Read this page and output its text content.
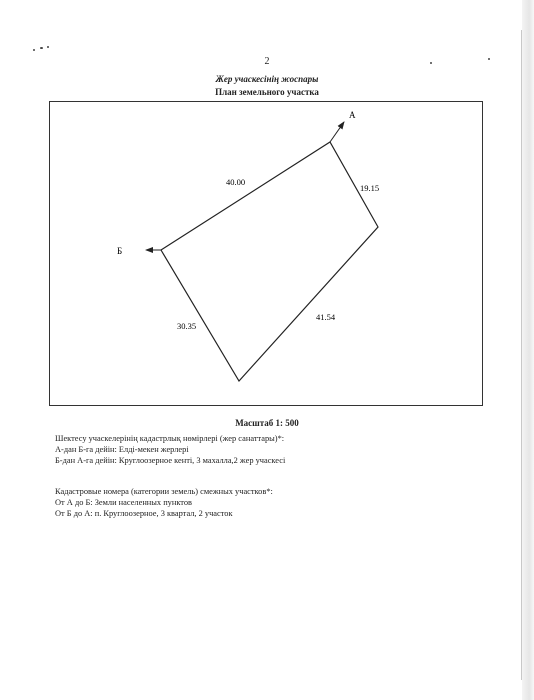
2
Жер учаскесінің жоспары
План земельного участка
А
Б
40.00
19.15
41.54
30.35
Масштаб 1: 500
Шектесу учаскелерінің кадастрлық нөмірлері (жер санаттары)*:
А-дан Б-га дейін: Елді-мекен жерлері
Б-дан А-га дейін: Круглоозерное кенті, 3 махалла,2 жер учаскесі
Кадастровые номера (категории земель) смежных участков*:
От А до Б: Земли населенных пунктов
От Б до А: п. Круглоозерное, 3 квартал, 2 участок
